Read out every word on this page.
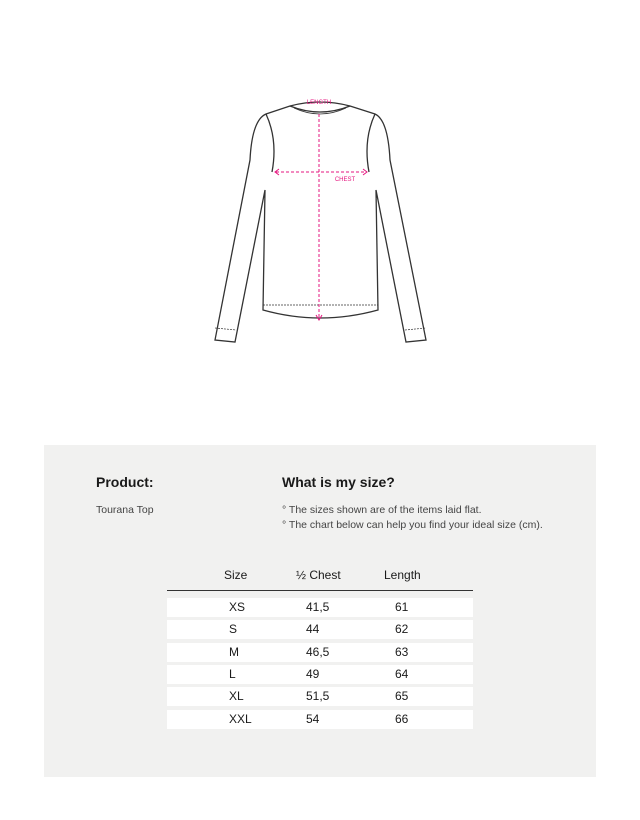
LENGTH
CHEST
Product:
Tourana Top
What is my size?
° The sizes shown are of the items laid flat.
° The chart below can help you find your ideal size (cm).
Size	½ Chest	Length
XS	41,5	61
S	44	62
M	46,5	63
L	49	64
XL	51,5	65
XXL	54	66
